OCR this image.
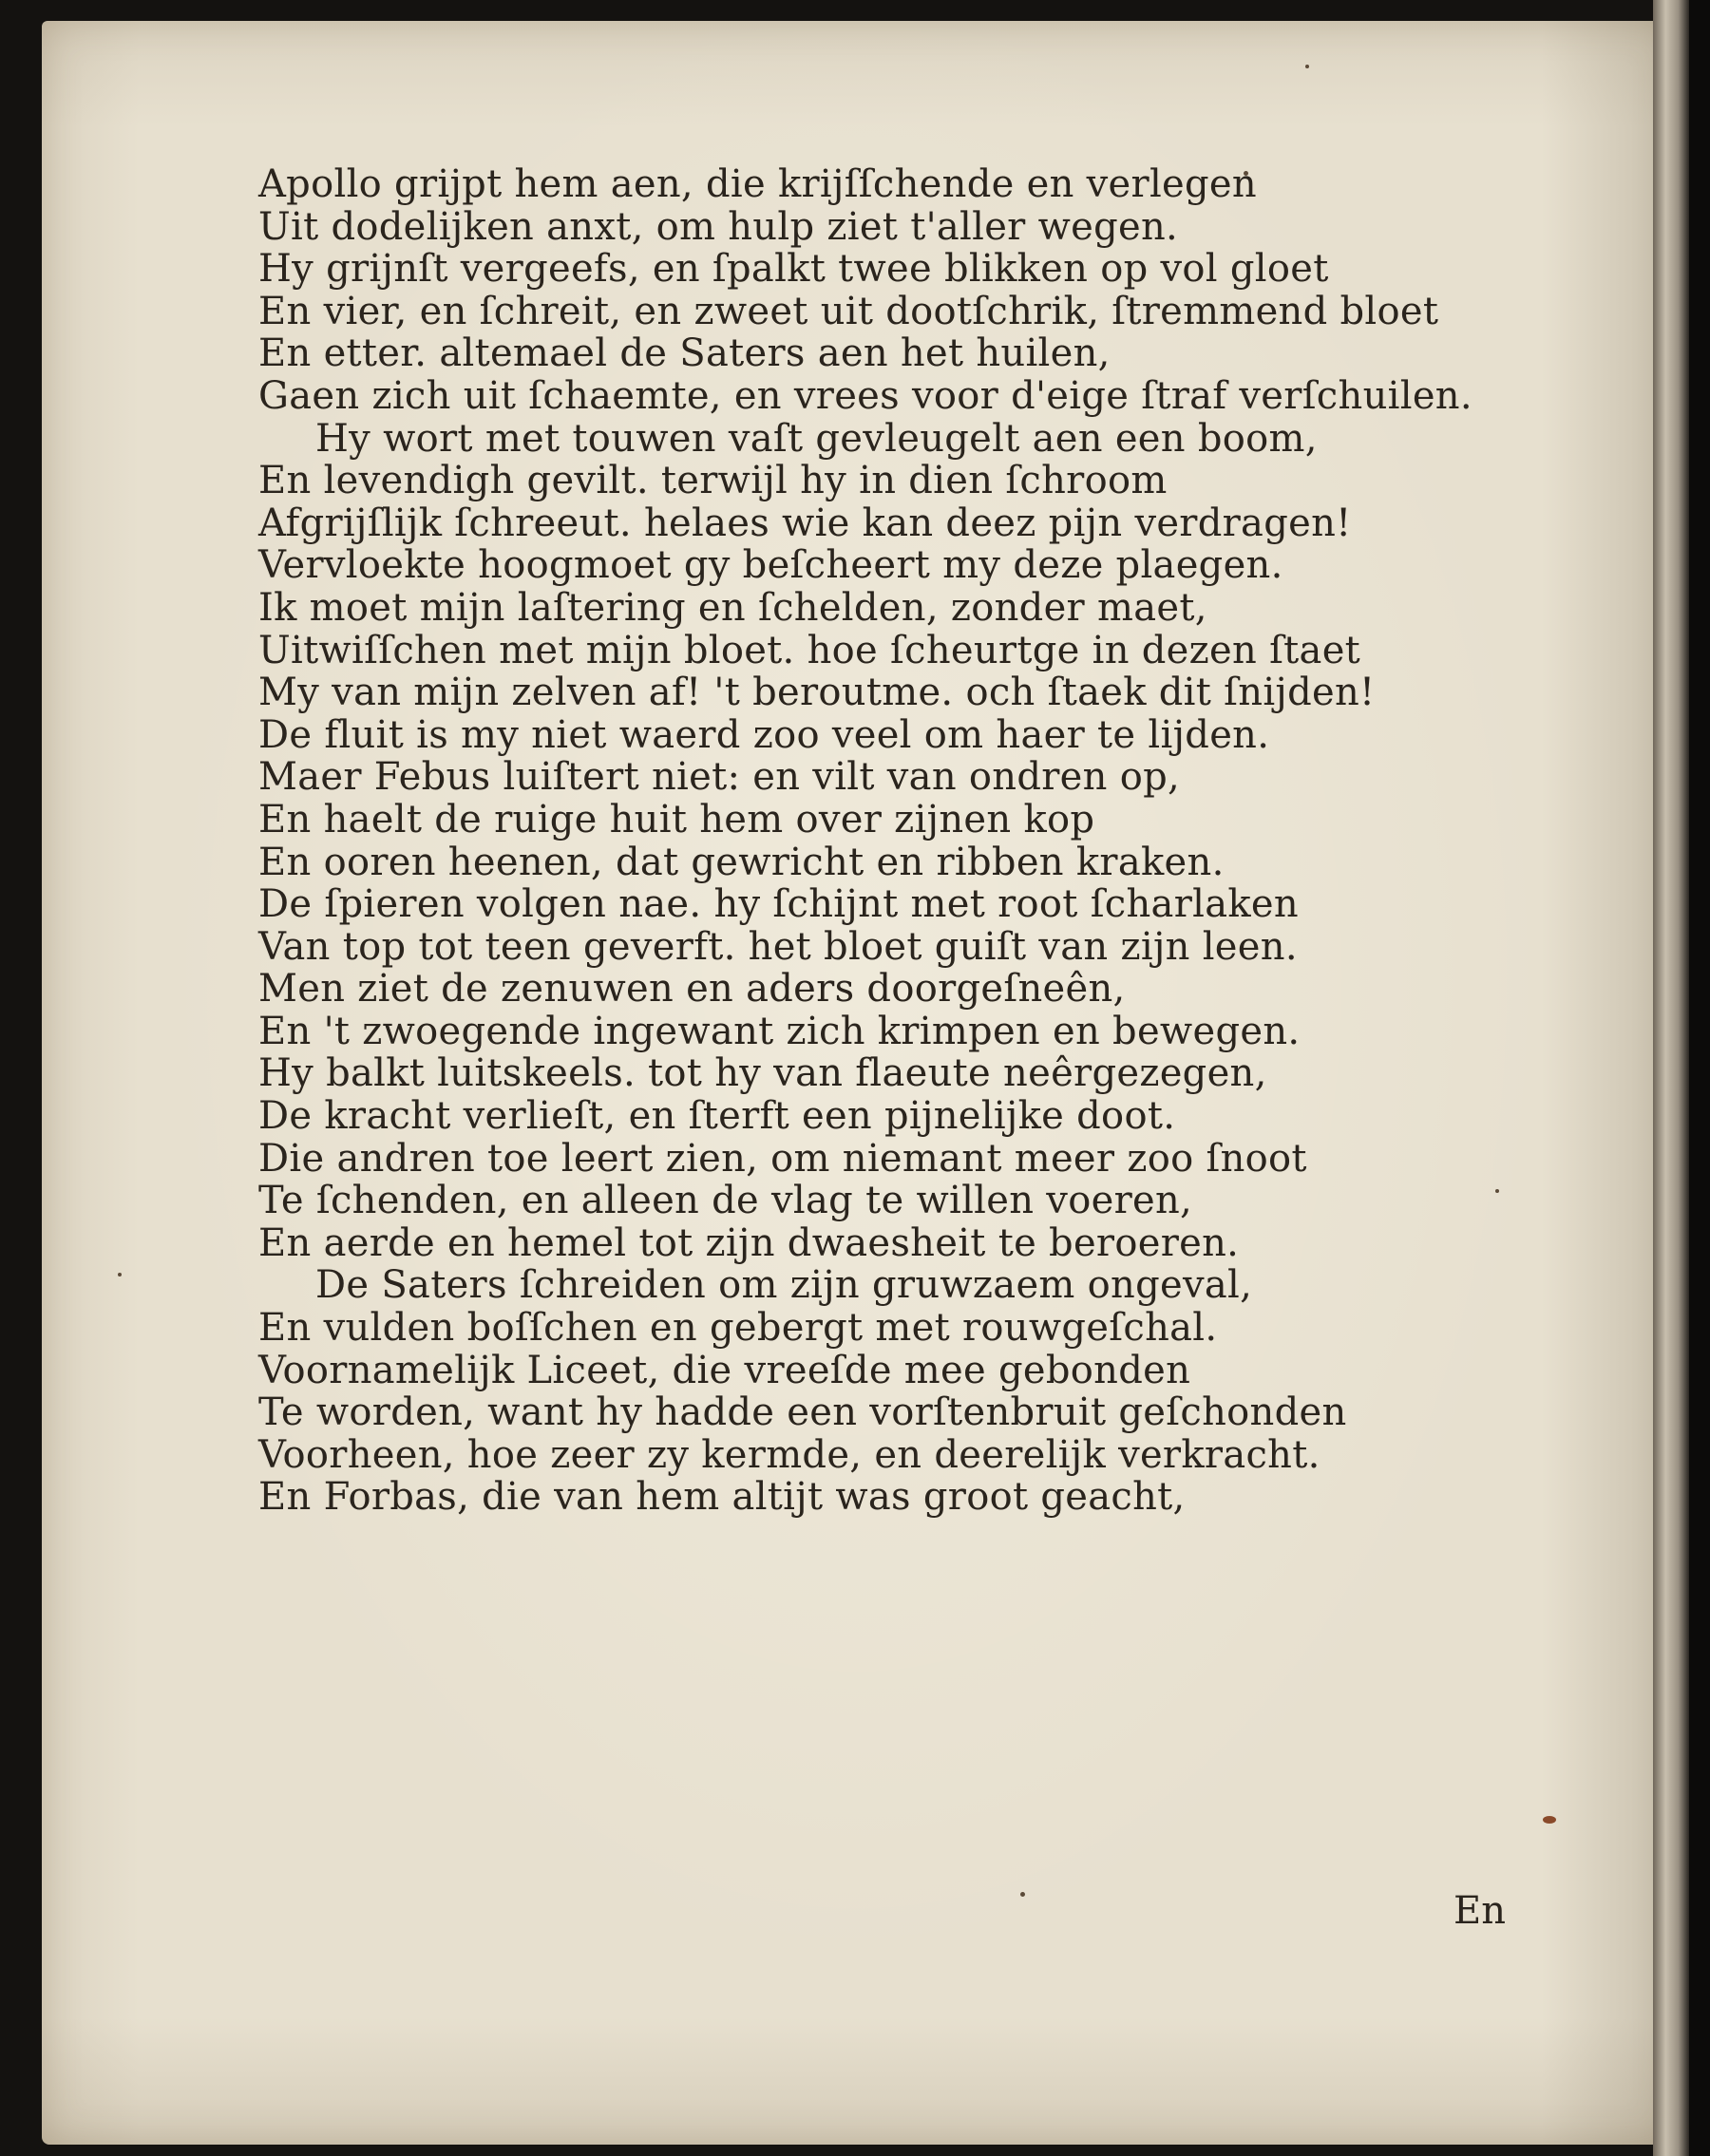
Apollo grijpt hem aen, die krijſſchende en verlegen
Uit dodelijken anxt, om hulp ziet t'aller wegen.
Hy grijnſt vergeefs, en ſpalkt twee blikken op vol gloet
En vier, en ſchreit, en zweet uit dootſchrik, ſtremmend bloet
En etter. altemael de Saters aen het huilen,
Gaen zich uit ſchaemte, en vrees voor d'eige ſtraf verſchuilen.
Hy wort met touwen vaſt gevleugelt aen een boom,
En levendigh gevilt. terwijl hy in dien ſchroom
Afgrijſlijk ſchreeut. helaes wie kan deez pijn verdragen!
Vervloekte hoogmoet gy beſcheert my deze plaegen.
Ik moet mijn laſtering en ſchelden, zonder maet,
Uitwiſſchen met mijn bloet. hoe ſcheurtge in dezen ſtaet
My van mijn zelven af! 't beroutme. och ſtaek dit ſnijden!
De fluit is my niet waerd zoo veel om haer te lijden.
Maer Febus luiſtert niet: en vilt van ondren op,
En haelt de ruige huit hem over zijnen kop
En ooren heenen, dat gewricht en ribben kraken.
De ſpieren volgen nae. hy ſchijnt met root ſcharlaken
Van top tot teen geverft. het bloet guiſt van zijn leen.
Men ziet de zenuwen en aders doorgeſneên,
En 't zwoegende ingewant zich krimpen en bewegen.
Hy balkt luitskeels. tot hy van flaeute neêrgezegen,
De kracht verlieſt, en ſterft een pijnelijke doot.
Die andren toe leert zien, om niemant meer zoo ſnoot
Te ſchenden, en alleen de vlag te willen voeren,
En aerde en hemel tot zijn dwaesheit te beroeren.
De Saters ſchreiden om zijn gruwzaem ongeval,
En vulden boſſchen en gebergt met rouwgeſchal.
Voornamelijk Liceet, die vreeſde mee gebonden
Te worden, want hy hadde een vorſtenbruit geſchonden
Voorheen, hoe zeer zy kermde, en deerelijk verkracht.
En Forbas, die van hem altijt was groot geacht,
En
